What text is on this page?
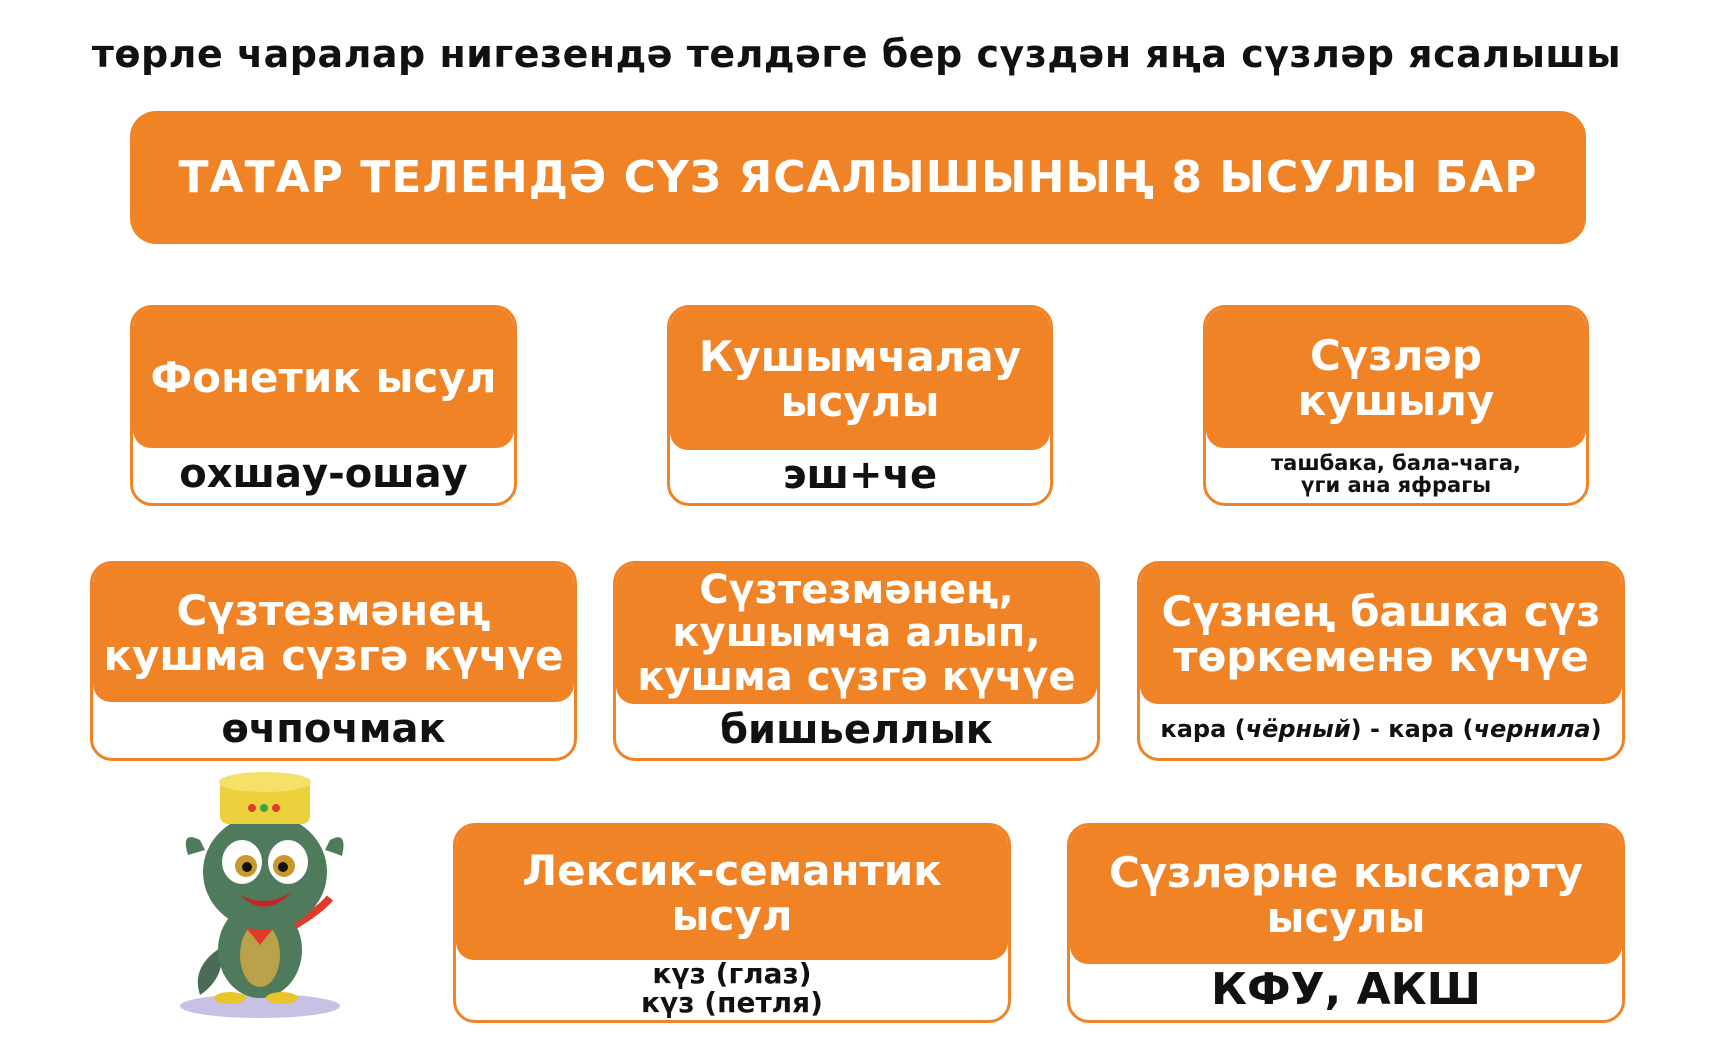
төрле чаралар нигезендә телдәге бер сүздән яңа сүзләр ясалышы
ТАТАР ТЕЛЕНДӘ СҮЗ ЯСАЛЫШЫНЫҢ 8 ЫСУЛЫ БАР
Фонетик ысул
охшау-ошау
Кушымчалау ысулы
эш+че
Сүзләр кушылу
ташбака, бала-чага,
үги ана яфрагы
Сүзтезмәнең кушма сүзгә күчүе
өчпочмак
Сүзтезмәнең, кушымча алып, кушма сүзгә күчүе
бишьеллык
Сүзнең башка сүз төркеменә күчүе
кара ( чёрный ) - кара ( чернила )
Лексик-семантик ысул
күз (глаз)
күз (петля)
Сүзләрне кыскарту ысулы
КФУ, АКШ
